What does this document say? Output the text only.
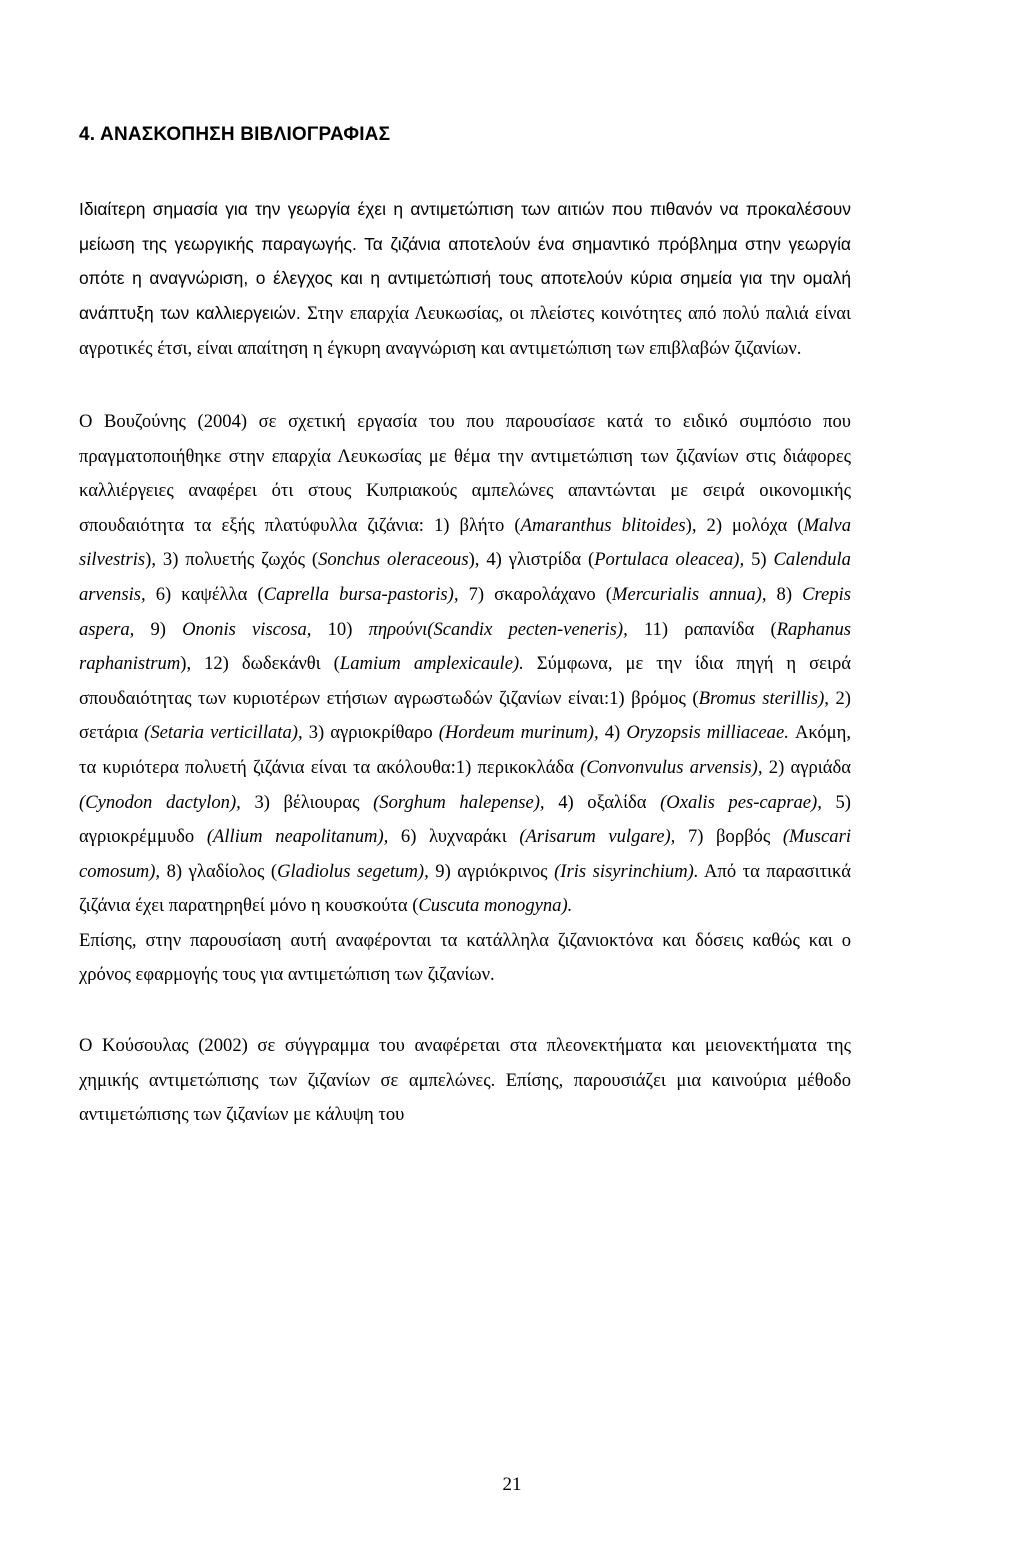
4. ΑΝΑΣΚΟΠΗΣΗ ΒΙΒΛΙΟΓΡΑΦΙΑΣ

Ιδιαίτερη σημασία για την γεωργία έχει η αντιμετώπιση των αιτιών που πιθανόν να προκαλέσουν μείωση της γεωργικής παραγωγής. Τα ζιζάνια αποτελούν ένα σημαντικό πρόβλημα στην γεωργία οπότε η αναγνώριση, ο έλεγχος και η αντιμετώπισή τους αποτελούν κύρια σημεία για την ομαλή ανάπτυξη των καλλιεργειών. Στην επαρχία Λευκωσίας, οι πλείστες κοινότητες από πολύ παλιά είναι αγροτικές έτσι, είναι απαίτηση η έγκυρη αναγνώριση και αντιμετώπιση των επιβλαβών ζιζανίων.

Ο Βουζούνης (2004) σε σχετική εργασία του που παρουσίασε κατά το ειδικό συμπόσιο που πραγματοποιήθηκε στην επαρχία Λευκωσίας με θέμα την αντιμετώπιση των ζιζανίων στις διάφορες καλλιέργειες αναφέρει ότι στους Κυπριακούς αμπελώνες απαντώνται με σειρά οικονομικής σπουδαιότητα τα εξής πλατύφυλλα ζιζάνια: 1) βλήτο (Amaranthus blitoides), 2) μολόχα (Malva silvestris), 3) πολυετής ζωχός (Sonchus oleraceous), 4) γλιστρίδα (Portulaca oleacea), 5) Calendula arvensis, 6) καψέλλα (Caprella bursa-pastoris), 7) σκαρολάχανο (Mercurialis annua), 8) Crepis aspera, 9) Ononis viscosa, 10) πηρούνι(Scandix pecten-veneris), 11) ραπανίδα (Raphanus raphanistrum), 12) δωδεκάνθι (Lamium amplexicaule). Σύμφωνα, με την ίδια πηγή η σειρά σπουδαιότητας των κυριοτέρων ετήσιων αγρωστωδών ζιζανίων είναι:1) βρόμος (Bromus sterillis), 2) σετάρια (Setaria verticillata), 3) αγριοκρίθαρο (Hordeum murinum), 4) Oryzopsis milliaceae. Ακόμη, τα κυριότερα πολυετή ζιζάνια είναι τα ακόλουθα:1) περικοκλάδα (Convonvulus arvensis), 2) αγριάδα (Cynodon dactylon), 3) βέλιουρας (Sorghum halepense), 4) οξαλίδα (Oxalis pes-caprae), 5) αγριοκρέμμυδο (Allium neapolitanum), 6) λυχναράκι (Arisarum vulgare), 7) βορβός (Muscari comosum), 8) γλαδίολος (Gladiolus segetum), 9) αγριόκρινος (Iris sisyrinchium). Από τα παρασιτικά ζιζάνια έχει παρατηρηθεί μόνο η κουσκούτα (Cuscuta monogyna).

Επίσης, στην παρουσίαση αυτή αναφέρονται τα κατάλληλα ζιζανιοκτόνα και δόσεις καθώς και ο χρόνος εφαρμογής τους για αντιμετώπιση των ζιζανίων.

Ο Κούσουλας (2002) σε σύγγραμμα του αναφέρεται στα πλεονεκτήματα και μειονεκτήματα της χημικής αντιμετώπισης των ζιζανίων σε αμπελώνες. Επίσης, παρουσιάζει μια καινούρια μέθοδο αντιμετώπισης των ζιζανίων με κάλυψη του

21
